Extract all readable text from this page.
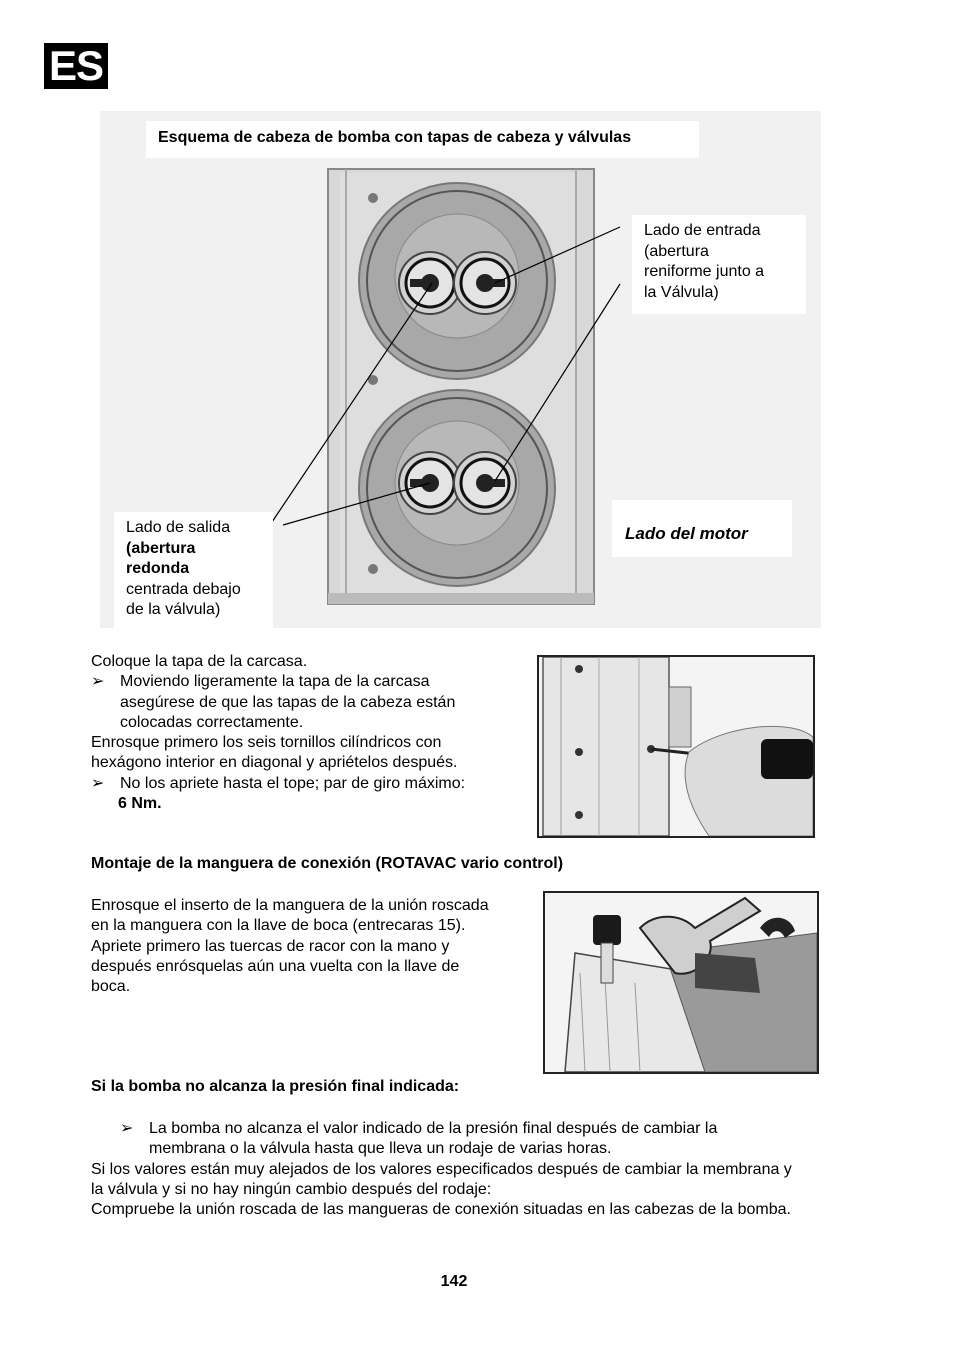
ES
Esquema de cabeza de bomba con tapas de cabeza y válvulas
Lado de entrada
(abertura
reniforme junto a
la Válvula)
Lado de salida
(abertura
redonda
centrada debajo
de la válvula)
Lado del motor
Coloque la tapa de la carcasa.
➢ Moviendo ligeramente la tapa de la carcasa
asegúrese de que las tapas de la cabeza están
colocadas correctamente.
Enrosque primero los seis tornillos cilíndricos con
hexágono interior en diagonal y apriételos después.
➢ No los apriete hasta el tope; par de giro máximo:
6 Nm.
Montaje de la manguera de conexión (ROTAVAC vario control)
Enrosque el inserto de la manguera de la unión roscada
en la manguera con la llave de boca (entrecaras 15).
Apriete primero las tuercas de racor con la mano y
después enrósquelas aún una vuelta con la llave de
boca.
Si la bomba no alcanza la presión final indicada:
➢ La bomba no alcanza el valor indicado de la presión final después de cambiar la
membrana o la válvula hasta que lleva un rodaje de varias horas.
Si los valores están muy alejados de los valores especificados después de cambiar la membrana y
la válvula y si no hay ningún cambio después del rodaje:
Compruebe la unión roscada de las mangueras de conexión situadas en las cabezas de la bomba.
142
